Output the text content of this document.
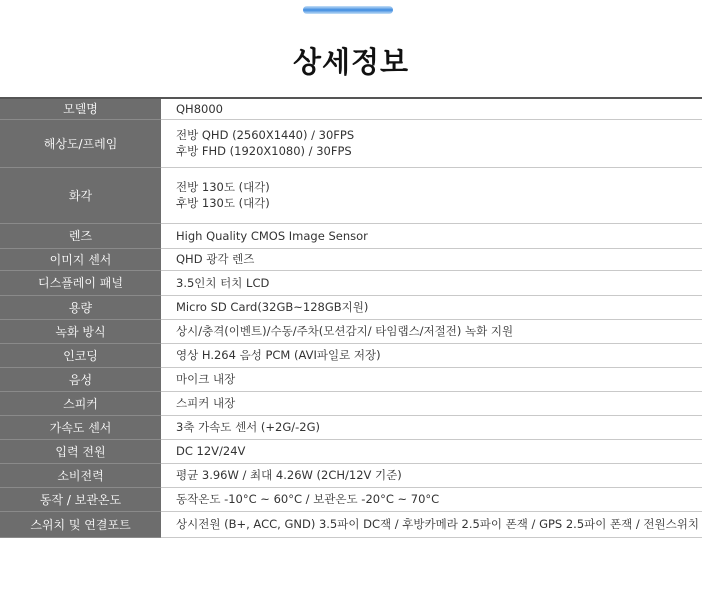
상세정보
모델명	QH8000

해상도/프레임	전방 QHD (2560X1440) / 30FPS
후방 FHD (1920X1080) / 30FPS

화각	전방 130도 (대각)
후방 130도 (대각)

렌즈	High Quality CMOS Image Sensor

이미지 센서	QHD 광각 렌즈

디스플레이 패널	3.5인치 터치 LCD

용량	Micro SD Card(32GB~128GB지원)

녹화 방식	상시/충격(이벤트)/수동/주차(모션감지/ 타임랩스/저절전) 녹화 지원

인코딩	영상 H.264 음성 PCM (AVI파일로 저장)

음성	마이크 내장

스피커	스피커 내장

가속도 센서	3축 가속도 센서 (+2G/-2G)

입력 전원	DC 12V/24V

소비전력	평균 3.96W / 최대 4.26W (2CH/12V 기준)

동작 / 보관온도	동작온도 -10°C ~ 60°C / 보관온도 -20°C ~ 70°C

스위치 및 연결포트	상시전원 (B+, ACC, GND) 3.5파이 DC잭 / 후방카메라 2.5파이 폰잭 / GPS 2.5파이 폰잭 / 전원스위치
